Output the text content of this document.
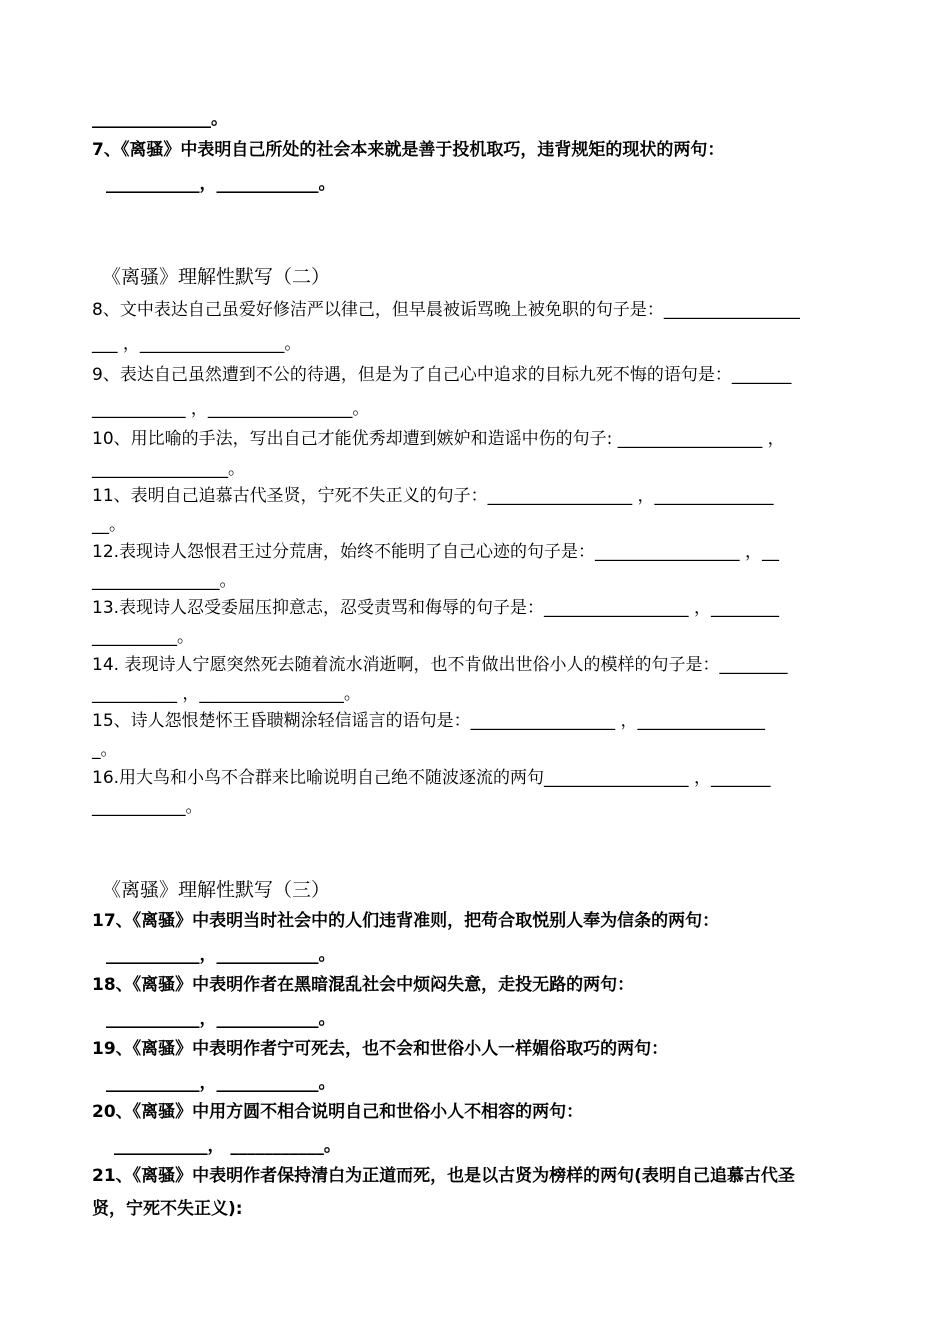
______________。
7、《离骚》中表明自己所处的社会本来就是善于投机取巧，违背规矩的现状的两句：
___________，____________。
《离骚》理解性默写（二）
8、文中表达自己虽爱好修洁严以律己，但早晨被诟骂晚上被免职的句子是：________________
___ ，_________________。
9、表达自己虽然遭到不公的待遇，但是为了自己心中追求的目标九死不悔的语句是：_______
___________ ，_________________。
10、用比喻的手法，写出自己才能优秀却遭到嫉妒和造谣中伤的句子: _________________ ，
________________。
11、表明自己追慕古代圣贤，宁死不失正义的句子：_________________ ，______________
__。
12.表现诗人怨恨君王过分荒唐，始终不能明了自己心迹的句子是：_________________ ，__
_______________。
13.表现诗人忍受委屈压抑意志，忍受责骂和侮辱的句子是：_________________ ，________
__________。
14. 表现诗人宁愿突然死去随着流水消逝啊，也不肯做出世俗小人的模样的句子是：________
__________ ，_________________。
15、诗人怨恨楚怀王昏聩糊涂轻信谣言的语句是：_________________ ，_______________
_。
16.用大鸟和小鸟不合群来比喻说明自己绝不随波逐流的两句_________________ ，_______
___________。
《离骚》理解性默写（三）
17、《离骚》中表明当时社会中的人们违背准则，把苟合取悦别人奉为信条的两句：
___________，____________。
18、《离骚》中表明作者在黑暗混乱社会中烦闷失意，走投无路的两句：
___________，____________。
19、《离骚》中表明作者宁可死去，也不会和世俗小人一样媚俗取巧的两句：
___________，____________。
20、《离骚》中用方圆不相合说明自己和世俗小人不相容的两句：
___________， ___________。
21、《离骚》中表明作者保持清白为正道而死，也是以古贤为榜样的两句(表明自己追慕古代圣
贤，宁死不失正义):
